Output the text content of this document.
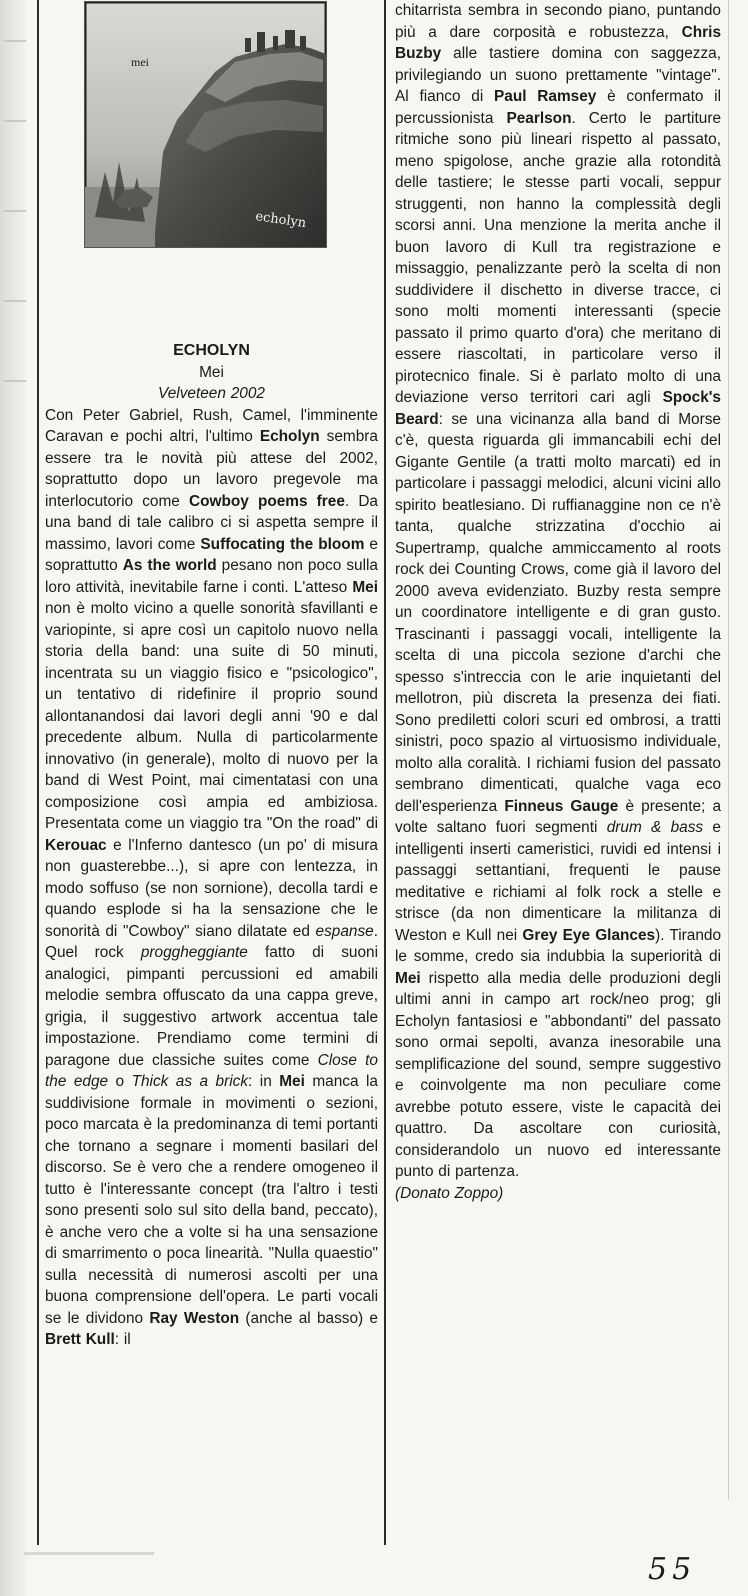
mei
echolyn
ECHOLYN
Mei
Velveteen 2002

Con Peter Gabriel, Rush, Camel, l'imminente Caravan e pochi altri, l'ultimo Echolyn sembra essere tra le novità più attese del 2002, soprattutto dopo un lavoro pregevole ma interlocutorio come Cowboy poems free. Da una band di tale calibro ci si aspetta sempre il massimo, lavori come Suffocating the bloom e soprattutto As the world pesano non poco sulla loro attività, inevitabile farne i conti. L'atteso Mei non è molto vicino a quelle sonorità sfavillanti e variopinte, si apre così un capitolo nuovo nella storia della band: una suite di 50 minuti, incentrata su un viaggio fisico e "psicologico", un tentativo di ridefinire il proprio sound allontanandosi dai lavori degli anni '90 e dal precedente album. Nulla di particolarmente innovativo (in generale), molto di nuovo per la band di West Point, mai cimentatasi con una composizione così ampia ed ambiziosa. Presentata come un viaggio tra "On the road" di Kerouac e l'Inferno dantesco (un po' di misura non guasterebbe...), si apre con lentezza, in modo soffuso (se non sornione), decolla tardi e quando esplode si ha la sensazione che le sonorità di "Cowboy" siano dilatate ed espanse. Quel rock proggheggiante fatto di suoni analogici, pimpanti percussioni ed amabili melodie sembra offuscato da una cappa greve, grigia, il suggestivo artwork accentua tale impostazione. Prendiamo come termini di paragone due classiche suites come Close to the edge o Thick as a brick: in Mei manca la suddivisione formale in movimenti o sezioni, poco marcata è la predominanza di temi portanti che tornano a segnare i momenti basilari del discorso. Se è vero che a rendere omogeneo il tutto è l'interessante concept (tra l'altro i testi sono presenti solo sul sito della band, peccato), è anche vero che a volte si ha una sensazione di smarrimento o poca linearità. "Nulla quaestio" sulla necessità di numerosi ascolti per una buona comprensione dell'opera. Le parti vocali se le dividono Ray Weston (anche al basso) e Brett Kull: il

chitarrista sembra in secondo piano, puntando più a dare corposità e robustezza, Chris Buzby alle tastiere domina con saggezza, privilegiando un suono prettamente "vintage". Al fianco di Paul Ramsey è confermato il percussionista Pearlson. Certo le partiture ritmiche sono più lineari rispetto al passato, meno spigolose, anche grazie alla rotondità delle tastiere; le stesse parti vocali, seppur struggenti, non hanno la complessità degli scorsi anni. Una menzione la merita anche il buon lavoro di Kull tra registrazione e missaggio, penalizzante però la scelta di non suddividere il dischetto in diverse tracce, ci sono molti momenti interessanti (specie passato il primo quarto d'ora) che meritano di essere riascoltati, in particolare verso il pirotecnico finale. Si è parlato molto di una deviazione verso territori cari agli Spock's Beard: se una vicinanza alla band di Morse c'è, questa riguarda gli immancabili echi del Gigante Gentile (a tratti molto marcati) ed in particolare i passaggi melodici, alcuni vicini allo spirito beatlesiano. Di ruffianaggine non ce n'è tanta, qualche strizzatina d'occhio ai Supertramp, qualche ammiccamento al roots rock dei Counting Crows, come già il lavoro del 2000 aveva evidenziato. Buzby resta sempre un coordinatore intelligente e di gran gusto. Trascinanti i passaggi vocali, intelligente la scelta di una piccola sezione d'archi che spesso s'intreccia con le arie inquietanti del mellotron, più discreta la presenza dei fiati. Sono prediletti colori scuri ed ombrosi, a tratti sinistri, poco spazio al virtuosismo individuale, molto alla coralità. I richiami fusion del passato sembrano dimenticati, qualche vaga eco dell'esperienza Finneus Gauge è presente; a volte saltano fuori segmenti drum & bass e intelligenti inserti cameristici, ruvidi ed intensi i passaggi settantiani, frequenti le pause meditative e richiami al folk rock a stelle e strisce (da non dimenticare la militanza di Weston e Kull nei Grey Eye Glances). Tirando le somme, credo sia indubbia la superiorità di Mei rispetto alla media delle produzioni degli ultimi anni in campo art rock/neo prog; gli Echolyn fantasiosi e "abbondanti" del passato sono ormai sepolti, avanza inesorabile una semplificazione del sound, sempre suggestivo e coinvolgente ma non peculiare come avrebbe potuto essere, viste le capacità dei quattro. Da ascoltare con curiosità, considerandolo un nuovo ed interessante punto di partenza.

(Donato Zoppo)

55
